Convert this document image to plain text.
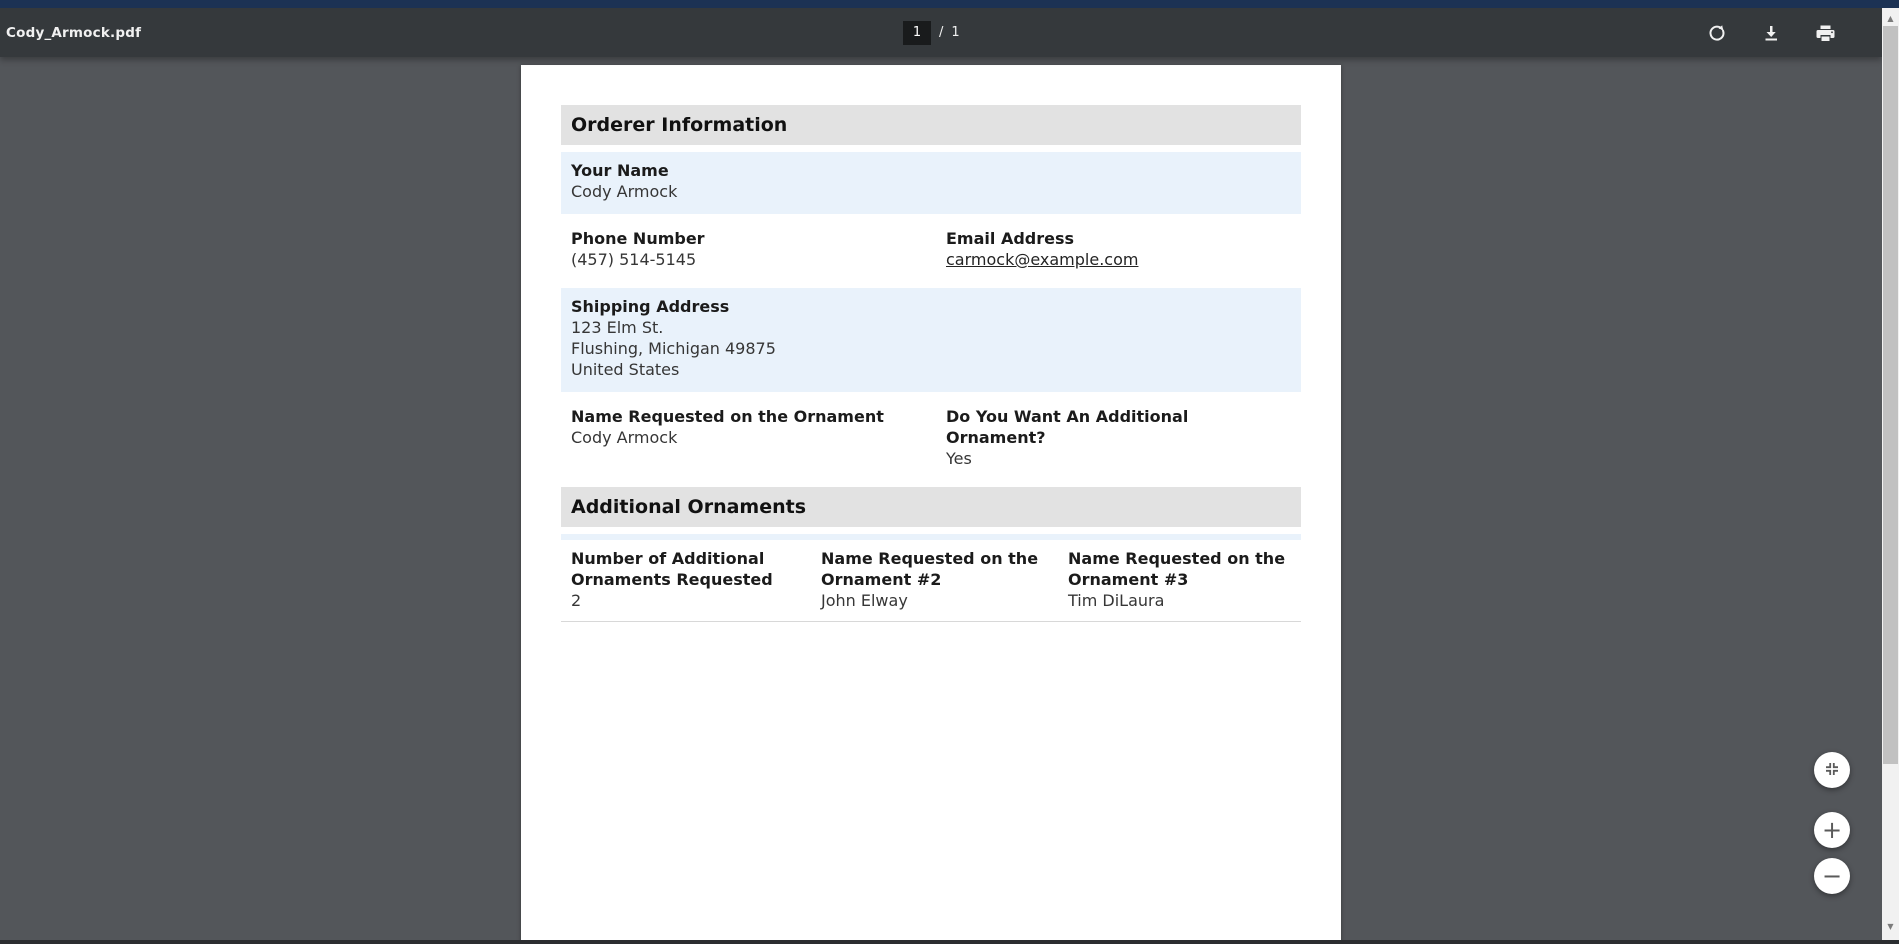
Cody_Armock.pdf	1	/ 1
Orderer Information
Your Name
Cody Armock
Phone Number
(457) 514-5145
Email Address
carmock@example.com
Shipping Address
123 Elm St.
Flushing, Michigan 49875
United States
Name Requested on the Ornament
Cody Armock
Do You Want An Additional Ornament?
Yes
Additional Ornaments
Number of Additional Ornaments Requested
2
Name Requested on the Ornament #2
John Elway
Name Requested on the Ornament #3
Tim DiLaura
+
−
▲
▼
